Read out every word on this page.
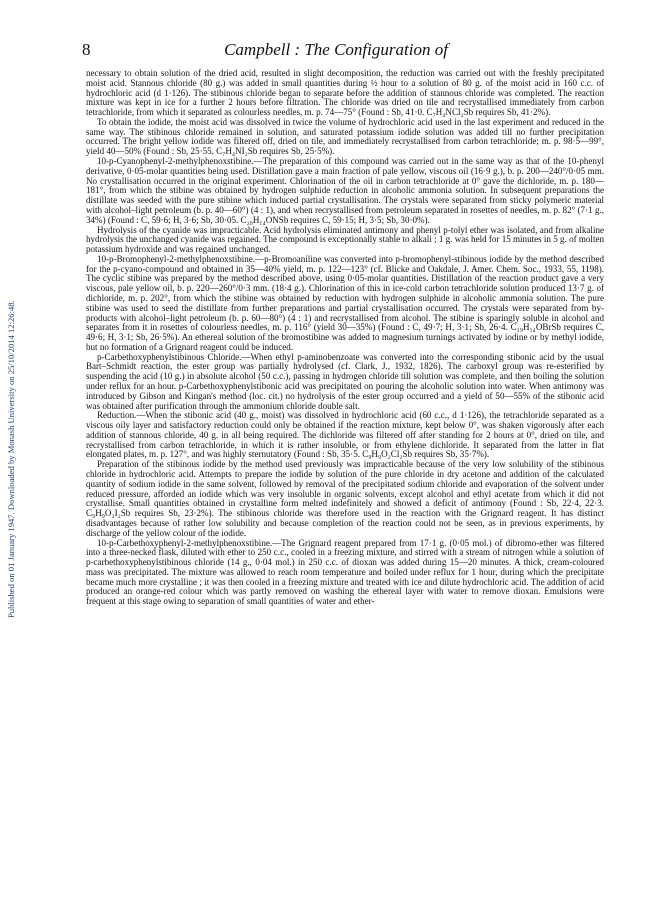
8	Campbell : The Configuration of
Published on 01 January 1947. Downloaded by Monash University on 25/10/2014 12:26:48.

necessary to obtain solution of the dried acid, resulted in slight decomposition, the reduction was carried out with the freshly precipitated moist acid. Stannous chloride (80 g.) was added in small quantities during ½ hour to a solution of 80 g. of the moist acid in 160 c.c. of hydrochloric acid (d 1·126). The stibinous chloride began to separate before the addition of stannous chloride was completed. The reaction mixture was kept in ice for a further 2 hours before filtration. The chloride was dried on tile and recrystallised immediately from carbon tetrachloride, from which it separated as colourless needles, m. p. 74—75° (Found : Sb, 41·0. C₇H₄NCl₂Sb requires Sb, 41·2%).

To obtain the iodide, the moist acid was dissolved in twice the volume of hydrochloric acid used in the last experiment and reduced in the same way. The stibinous chloride remained in solution, and saturated potassium iodide solution was added till no further precipitation occurred. The bright yellow iodide was filtered off, dried on tile, and immediately recrystallised from carbon tetrachloride; m. p. 98·5—99°, yield 40—50% (Found : Sb, 25·55. C₇H₄NI₂Sb requires Sb, 25·5%).

10-p-Cyanophenyl-2-methylphenoxstibine.—The preparation of this compound was carried out in the same way as that of the 10-phenyl derivative, 0·05-molar quantities being used. Distillation gave a main fraction of pale yellow, viscous oil (16·9 g.), b. p. 200—240°/0·05 mm. No crystallisation occurred in the original experiment. Chlorination of the oil in carbon tetrachloride at 0° gave the dichloride, m. p. 180—181°, from which the stibine was obtained by hydrogen sulphide reduction in alcoholic ammonia solution. In subsequent preparations the distillate was seeded with the pure stibine which induced partial crystallisation. The crystals were separated from sticky polymeric material with alcohol–light petroleum (b. p. 40—60°) (4 : 1), and when recrystallised from petroleum separated in rosettes of needles, m. p. 82° (7·1 g., 34%) (Found : C, 59·6; H, 3·6; Sb, 30·05. C₂₀H₁₄ONSb requires C, 59·15; H, 3·5; Sb, 30·0%).

Hydrolysis of the cyanide was impracticable. Acid hydrolysis eliminated antimony and phenyl p-tolyl ether was isolated, and from alkaline hydrolysis the unchanged cyanide was regained. The compound is exceptionally stable to alkali ; 1 g. was held for 15 minutes in 5 g. of molten potassium hydroxide and was regained unchanged.

10-p-Bromophenyl-2-methylphenoxstibine.—p-Bromoaniline was converted into p-bromophenyl-stibinous iodide by the method described for the p-cyano-compound and obtained in 35—40% yield, m. p. 122—123° (cf. Blicke and Oakdale, J. Amer. Chem. Soc., 1933, 55, 1198). The cyclic stibine was prepared by the method described above, using 0·05-molar quantities. Distillation of the reaction product gave a very viscous, pale yellow oil, b. p. 220—260°/0·3 mm. (18·4 g.). Chlorination of this in ice-cold carbon tetrachloride solution produced 13·7 g. of dichloride, m. p. 202°, from which the stibine was obtained by reduction with hydrogen sulphide in alcoholic ammonia solution. The pure stibine was used to seed the distillate from further preparations and partial crystallisation occurred. The crystals were separated from by-products with alcohol–light petroleum (b. p. 60—80°) (4 : 1) and recrystallised from alcohol. The stibine is sparingly soluble in alcohol and separates from it in rosettes of colourless needles, m. p. 116° (yield 30—35%) (Found : C, 49·7; H, 3·1; Sb, 26·4. C₁₉H₁₄OBrSb requires C, 49·6; H, 3·1; Sb, 26·5%). An ethereal solution of the bromostibine was added to magnesium turnings activated by iodine or by methyl iodide, but no formation of a Grignard reagent could be induced.

p-Carbethoxyphenylstibinous Chloride.—When ethyl p-aminobenzoate was converted into the corresponding stibonic acid by the usual Bart–Schmidt reaction, the ester group was partially hydrolysed (cf. Clark, J., 1932, 1826). The carboxyl group was re-esterified by suspending the acid (10 g.) in absolute alcohol (50 c.c.), passing in hydrogen chloride till solution was complete, and then boiling the solution under reflux for an hour. p-Carbethoxyphenylstibonic acid was precipitated on pouring the alcoholic solution into water. When antimony was introduced by Gibson and Kingan's method (loc. cit.) no hydrolysis of the ester group occurred and a yield of 50—55% of the stibonic acid was obtained after purification through the ammonium chloride double salt.

Reduction.—When the stibonic acid (40 g., moist) was dissolved in hydrochloric acid (60 c.c., d 1·126), the tetrachloride separated as a viscous oily layer and satisfactory reduction could only be obtained if the reaction mixture, kept below 0°, was shaken vigorously after each addition of stannous chloride, 40 g. in all being required. The dichloride was filtered off after standing for 2 hours at 0°, dried on tile, and recrystallised from carbon tetrachloride, in which it is rather insoluble, or from ethylene dichloride. It separated from the latter in flat elongated plates, m. p. 127°, and was highly sternutatory (Found : Sb, 35·5. C₉H₉O₂Cl₂Sb requires Sb, 35·7%).

Preparation of the stibinous iodide by the method used previously was impracticable because of the very low solubility of the stibinous chloride in hydrochloric acid. Attempts to prepare the iodide by solution of the pure chloride in dry acetone and addition of the calculated quantity of sodium iodide in the same solvent, followed by removal of the precipitated sodium chloride and evaporation of the solvent under reduced pressure, afforded an iodide which was very insoluble in organic solvents, except alcohol and ethyl acetate from which it did not crystallise. Small quantities obtained in crystalline form melted indefinitely and showed a deficit of antimony (Found : Sb, 22·4, 22·3. C₉H₉O₂I₂Sb requires Sb, 23·2%). The stibinous chloride was therefore used in the reaction with the Grignard reagent. It has distinct disadvantages because of rather low solubility and because completion of the reaction could not be seen, as in previous experiments, by discharge of the yellow colour of the iodide.

10-p-Carbethoxyphenyl-2-methylphenoxstibine.—The Grignard reagent prepared from 17·1 g. (0·05 mol.) of dibromo-ether was filtered into a three-necked flask, diluted with ether to 250 c.c., cooled in a freezing mixture, and stirred with a stream of nitrogen while a solution of p-carbethoxyphenylstibinous chloride (14 g., 0·04 mol.) in 250 c.c. of dioxan was added during 15—20 minutes. A thick, cream-coloured mass was precipitated. The mixture was allowed to reach room temperature and boiled under reflux for 1 hour, during which the precipitate became much more crystalline ; it was then cooled in a freezing mixture and treated with ice and dilute hydrochloric acid. The addition of acid produced an orange-red colour which was partly removed on washing the ethereal layer with water to remove dioxan. Emulsions were frequent at this stage owing to separation of small quantities of water and ether-
